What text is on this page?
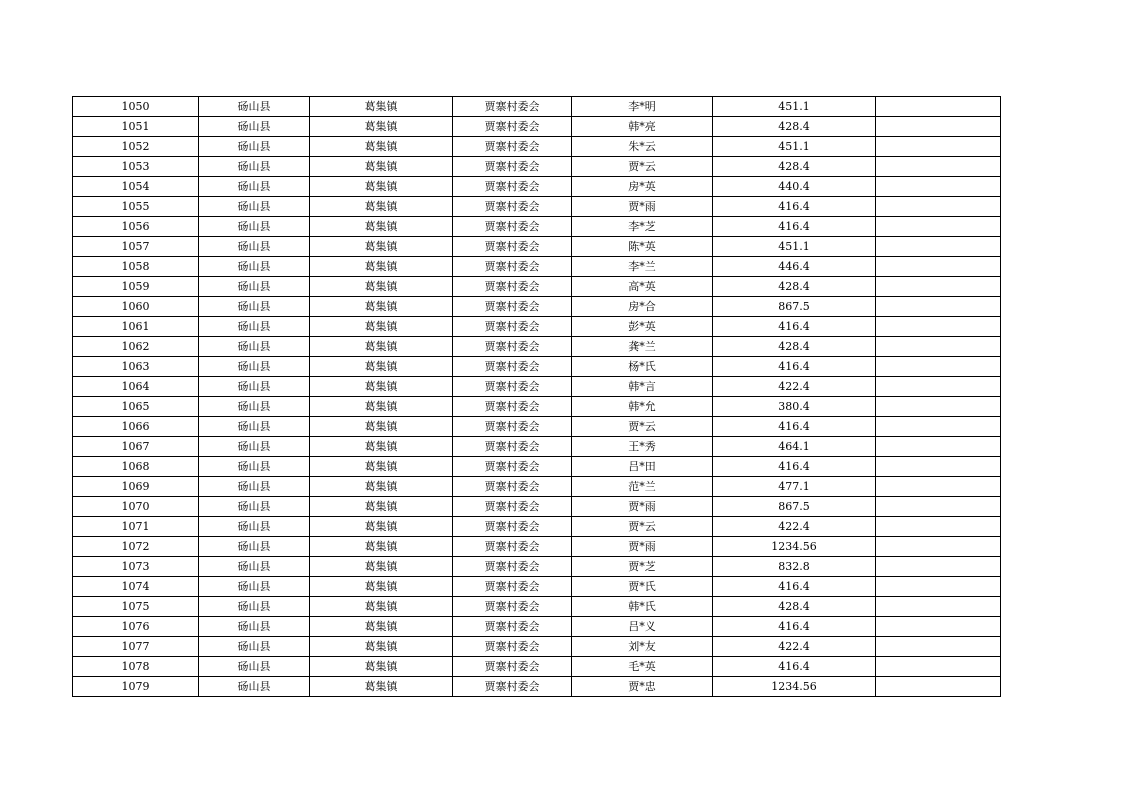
1050	砀山县	葛集镇	贾寨村委会	李*明	451.1	
1051	砀山县	葛集镇	贾寨村委会	韩*亮	428.4	
1052	砀山县	葛集镇	贾寨村委会	朱*云	451.1	
1053	砀山县	葛集镇	贾寨村委会	贾*云	428.4	
1054	砀山县	葛集镇	贾寨村委会	房*英	440.4	
1055	砀山县	葛集镇	贾寨村委会	贾*雨	416.4	
1056	砀山县	葛集镇	贾寨村委会	李*芝	416.4	
1057	砀山县	葛集镇	贾寨村委会	陈*英	451.1	
1058	砀山县	葛集镇	贾寨村委会	李*兰	446.4	
1059	砀山县	葛集镇	贾寨村委会	高*英	428.4	
1060	砀山县	葛集镇	贾寨村委会	房*合	867.5	
1061	砀山县	葛集镇	贾寨村委会	彭*英	416.4	
1062	砀山县	葛集镇	贾寨村委会	龚*兰	428.4	
1063	砀山县	葛集镇	贾寨村委会	杨*氏	416.4	
1064	砀山县	葛集镇	贾寨村委会	韩*言	422.4	
1065	砀山县	葛集镇	贾寨村委会	韩*允	380.4	
1066	砀山县	葛集镇	贾寨村委会	贾*云	416.4	
1067	砀山县	葛集镇	贾寨村委会	王*秀	464.1	
1068	砀山县	葛集镇	贾寨村委会	吕*田	416.4	
1069	砀山县	葛集镇	贾寨村委会	范*兰	477.1	
1070	砀山县	葛集镇	贾寨村委会	贾*雨	867.5	
1071	砀山县	葛集镇	贾寨村委会	贾*云	422.4	
1072	砀山县	葛集镇	贾寨村委会	贾*雨	1234.56	
1073	砀山县	葛集镇	贾寨村委会	贾*芝	832.8	
1074	砀山县	葛集镇	贾寨村委会	贾*氏	416.4	
1075	砀山县	葛集镇	贾寨村委会	韩*氏	428.4	
1076	砀山县	葛集镇	贾寨村委会	吕*义	416.4	
1077	砀山县	葛集镇	贾寨村委会	刘*友	422.4	
1078	砀山县	葛集镇	贾寨村委会	毛*英	416.4	
1079	砀山县	葛集镇	贾寨村委会	贾*忠	1234.56	
